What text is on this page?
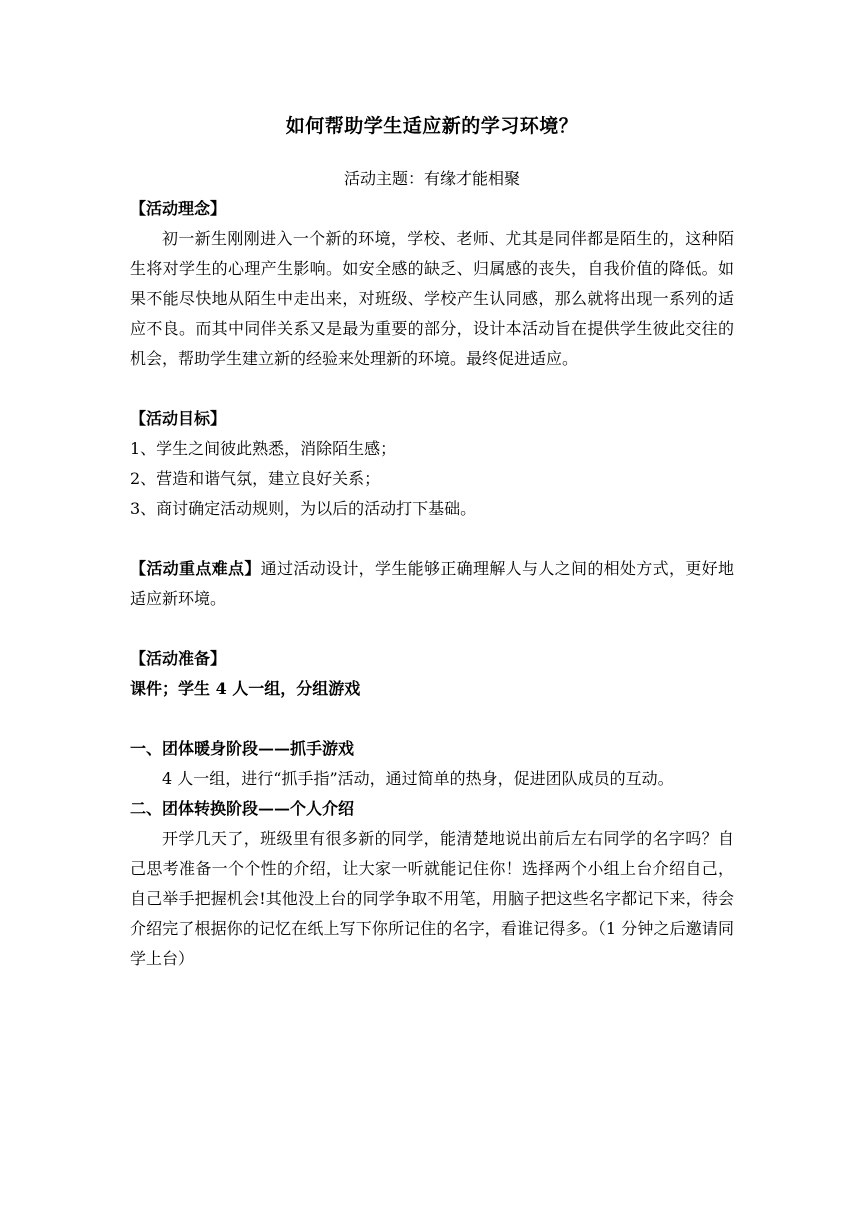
如何帮助学生适应新的学习环境？
活动主题：有缘才能相聚
【活动理念】

初一新生刚刚进入一个新的环境，学校、老师、尤其是同伴都是陌生的，这种陌生将对学生的心理产生影响。如安全感的缺乏、归属感的丧失，自我价值的降低。如果不能尽快地从陌生中走出来，对班级、学校产生认同感，那么就将出现一系列的适应不良。而其中同伴关系又是最为重要的部分，设计本活动旨在提供学生彼此交往的机会，帮助学生建立新的经验来处理新的环境。最终促进适应。

【活动目标】

1、学生之间彼此熟悉，消除陌生感；

2、营造和谐气氛，建立良好关系；

3、商讨确定活动规则，为以后的活动打下基础。

【活动重点难点】通过活动设计，学生能够正确理解人与人之间的相处方式，更好地适应新环境。

【活动准备】
课件；学生 4 人一组，分组游戏
一、团体暖身阶段——抓手游戏

4 人一组，进行“抓手指”活动，通过简单的热身，促进团队成员的互动。

二、团体转换阶段——个人介绍

开学几天了，班级里有很多新的同学，能清楚地说出前后左右同学的名字吗？自己思考准备一个个性的介绍，让大家一听就能记住你！选择两个小组上台介绍自己，自己举手把握机会!其他没上台的同学争取不用笔，用脑子把这些名字都记下来，待会介绍完了根据你的记忆在纸上写下你所记住的名字，看谁记得多。（1 分钟之后邀请同学上台）
